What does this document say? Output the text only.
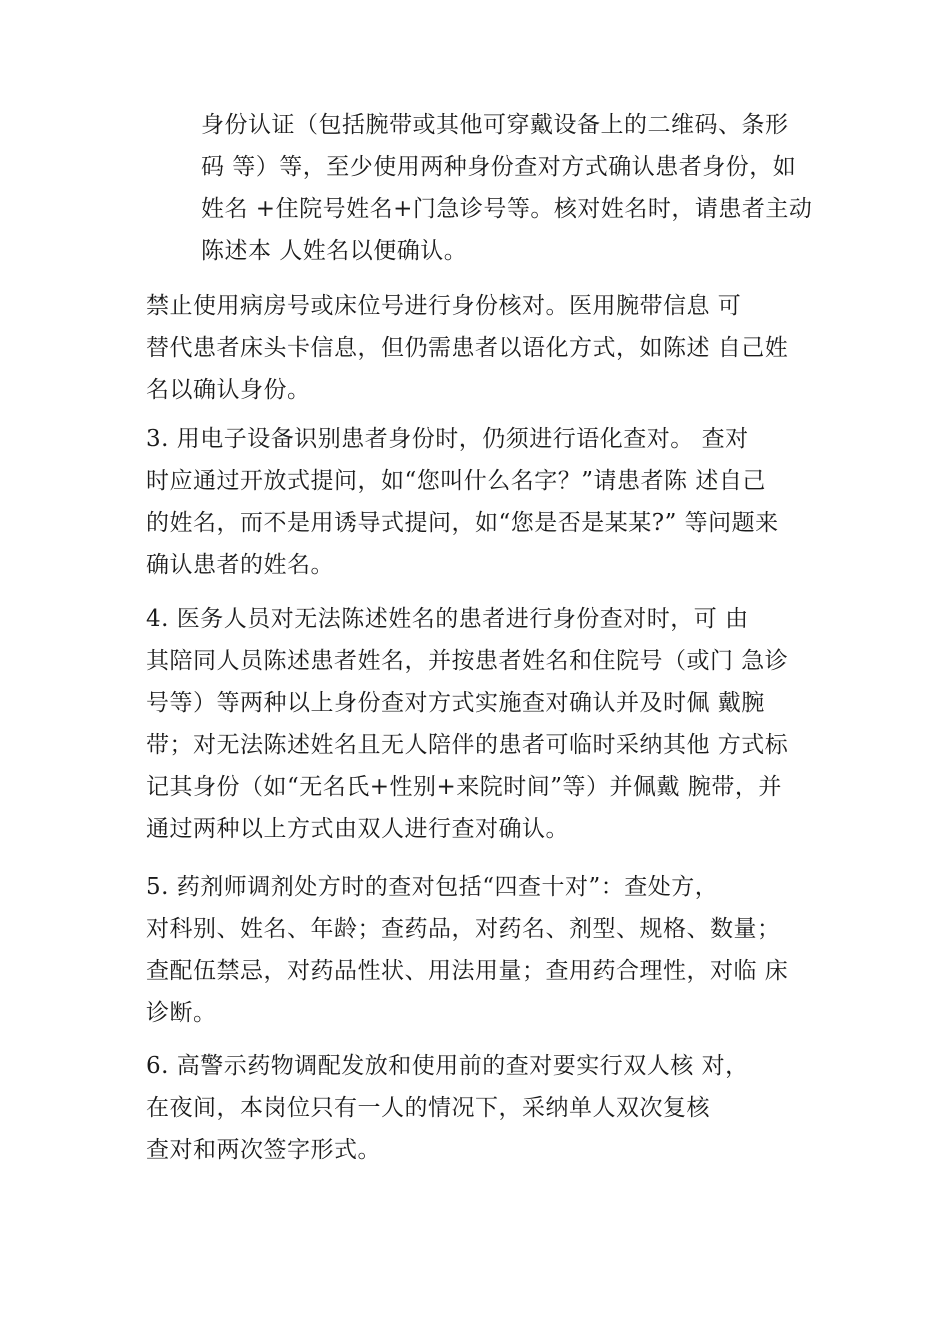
身份认证（包括腕带或其他可穿戴设备上的二维码、条形
码 等）等，至少使用两种身份查对方式确认患者身份，如
姓名 +住院号姓名+门急诊号等。核对姓名时，请患者主动
陈述本 人姓名以便确认。

禁止使用病房号或床位号进行身份核对。医用腕带信息 可
替代患者床头卡信息，但仍需患者以语化方式，如陈述 自己姓
名以确认身份。

3. 用电子设备识别患者身份时，仍须进行语化查对。 查对
时应通过开放式提问，如“您叫什么名字？”请患者陈 述自己
的姓名，而不是用诱导式提问，如“您是否是某某?” 等问题来
确认患者的姓名。

4. 医务人员对无法陈述姓名的患者进行身份查对时，可 由
其陪同人员陈述患者姓名，并按患者姓名和住院号（或门 急诊
号等）等两种以上身份查对方式实施查对确认并及时佩 戴腕
带；对无法陈述姓名且无人陪伴的患者可临时采纳其他 方式标
记其身份（如“无名氏+性别+来院时间”等）并佩戴 腕带，并
通过两种以上方式由双人进行查对确认。

5. 药剂师调剂处方时的查对包括“四查十对”：查处方，
对科别、姓名、年龄；查药品，对药名、剂型、规格、数量；
查配伍禁忌，对药品性状、用法用量；查用药合理性，对临 床
诊断。

6. 高警示药物调配发放和使用前的查对要实行双人核 对，
在夜间，本岗位只有一人的情况下，采纳单人双次复核
查对和两次签字形式。
